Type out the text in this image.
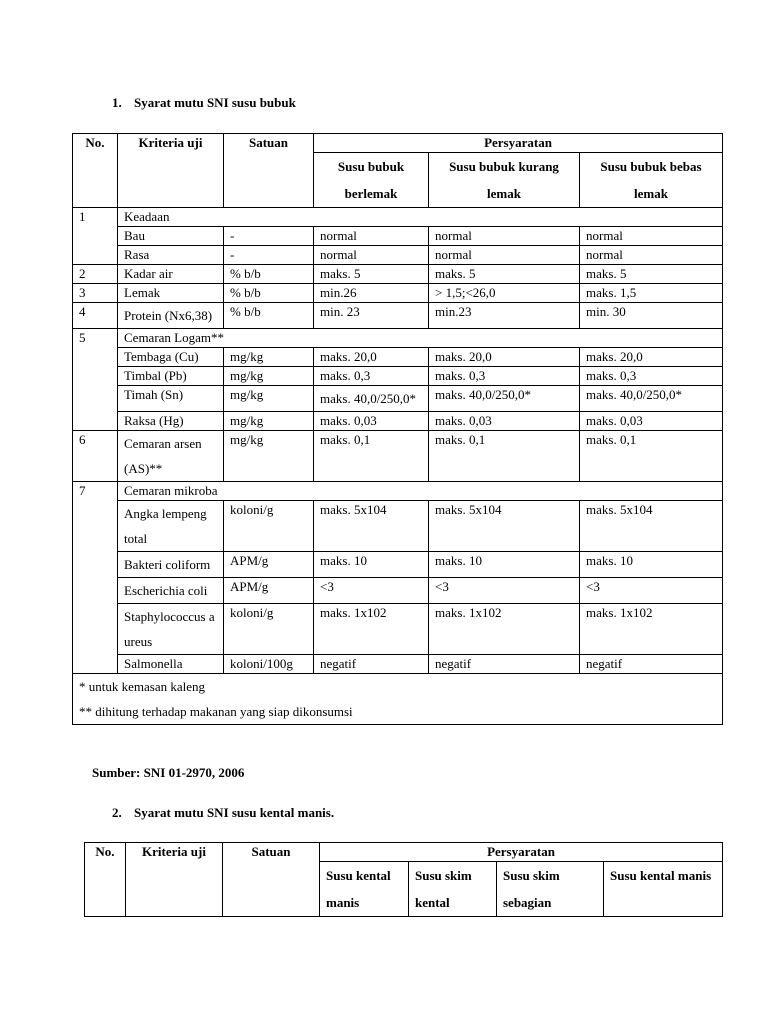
1. Syarat mutu SNI susu bubuk
No.	Kriteria uji	Satuan	Persyaratan		
			Susu bubuk berlemak	Susu bubuk kurang lemak	Susu bubuk bebas lemak
1	Keadaan				
	Bau	-	normal	normal	normal
	Rasa	-	normal	normal	normal
2	Kadar air	% b/b	maks. 5	maks. 5	maks. 5
3	Lemak	% b/b	min.26	> 1,5;<26,0	maks. 1,5
4	Protein (Nx6,38)	% b/b	min. 23	min.23	min. 30
5	Cemaran Logam**				
	Tembaga (Cu)	mg/kg	maks. 20,0	maks. 20,0	maks. 20,0
	Timbal (Pb)	mg/kg	maks. 0,3	maks. 0,3	maks. 0,3
	Timah (Sn)	mg/kg	maks. 40,0/250,0*	maks. 40,0/250,0*	maks. 40,0/250,0*
	Raksa (Hg)	mg/kg	maks. 0,03	maks. 0,03	maks. 0,03
6	Cemaran arsen (AS)**	mg/kg	maks. 0,1	maks. 0,1	maks. 0,1
7	Cemaran mikroba				
	Angka lempeng total	koloni/g	maks. 5x104	maks. 5x104	maks. 5x104
	Bakteri coliform	APM/g	maks. 10	maks. 10	maks. 10
	Escherichia coli	APM/g	<3	<3	<3
	Staphylococcus aureus	koloni/g	maks. 1x102	maks. 1x102	maks. 1x102
	Salmonella	koloni/100g	negatif	negatif	negatif
* untuk kemasan kaleng					
** dihitung terhadap makanan yang siap dikonsumsi					
Sumber: SNI 01-2970, 2006
2. Syarat mutu SNI susu kental manis.
No.	Kriteria uji	Satuan	Persyaratan			
			Susu kental manis	Susu skim kental	Susu skim sebagian	Susu kental manis
